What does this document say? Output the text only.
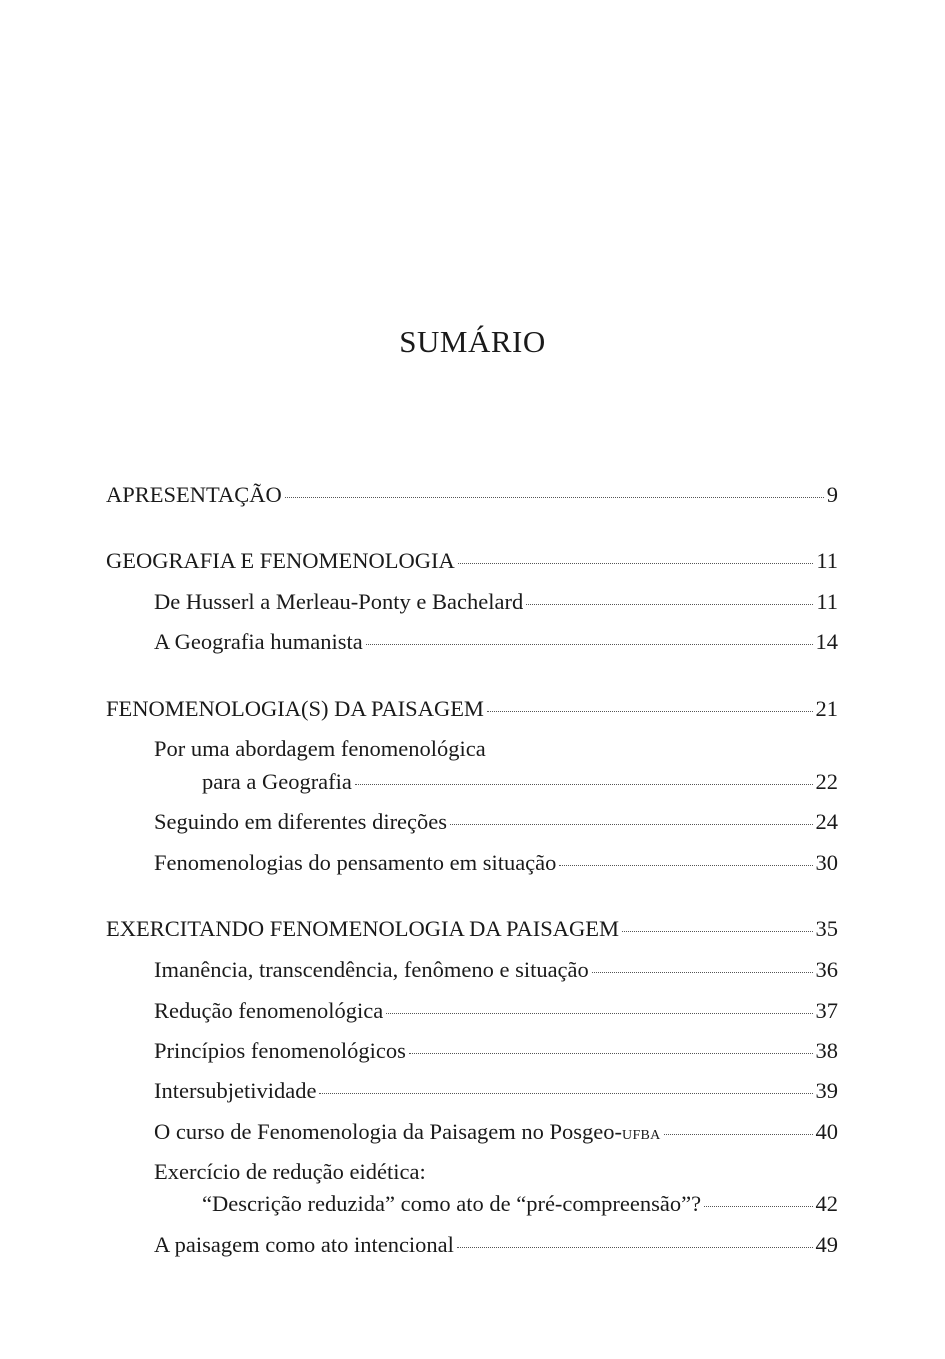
SUMÁRIO
APRESENTAÇÃO	9
GEOGRAFIA E FENOMENOLOGIA	11
De Husserl a Merleau-Ponty e Bachelard	11
A Geografia humanista	14
FENOMENOLOGIA(S) DA PAISAGEM	21
Por uma abordagem fenomenológica
para a Geografia	22
Seguindo em diferentes direções	24
Fenomenologias do pensamento em situação	30
EXERCITANDO FENOMENOLOGIA DA PAISAGEM	35
Imanência, transcendência, fenômeno e situação	36
Redução fenomenológica	37
Princípios fenomenológicos	38
Intersubjetividade	39
O curso de Fenomenologia da Paisagem no Posgeo-UFBA	40
Exercício de redução eidética:
“Descrição reduzida” como ato de “pré-compreensão”?	42
A paisagem como ato intencional	49
